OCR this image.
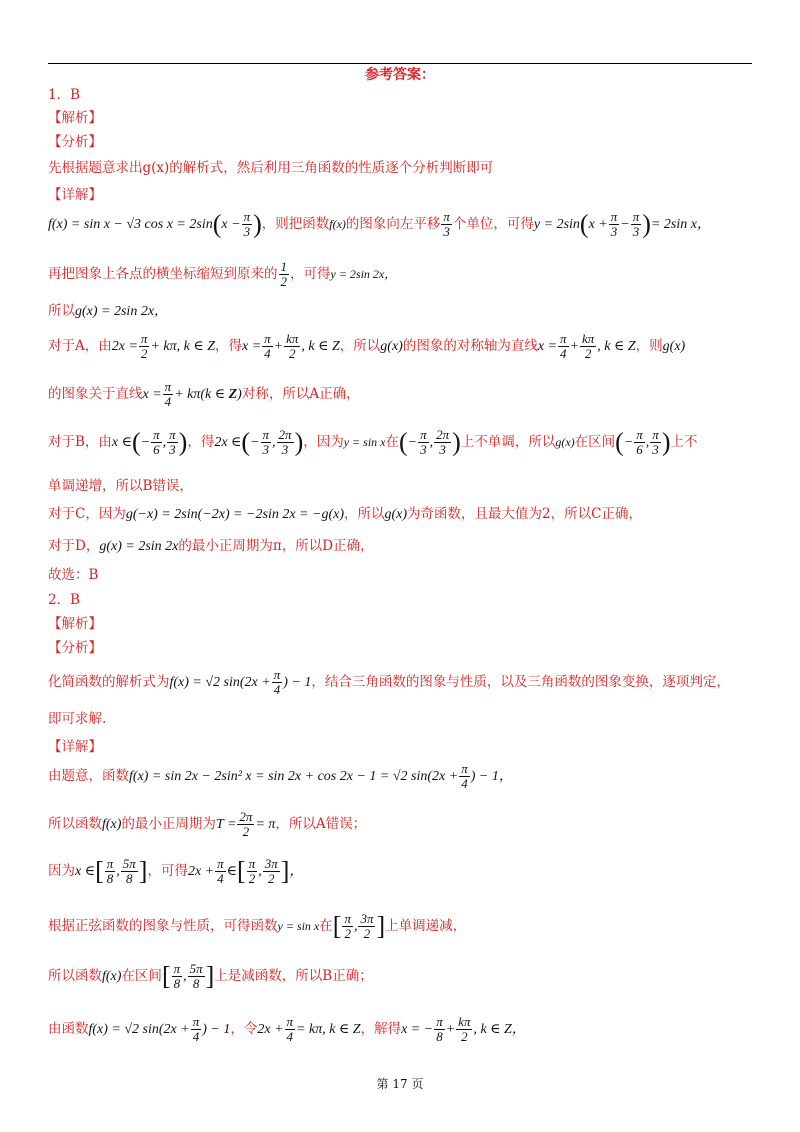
参考答案：
1．B
【解析】
【分析】
先根据题意求出g(x)的解析式，然后利用三角函数的性质逐个分析判断即可
【详解】
f(x) = sin x − √3 $\cos x = 2\sin(x - \frac{\pi}{3}$ )，则把函数f(x)的图象向左平移 $\frac{\pi}{3}$ 个单位，可得$y = 2\sin(x + \frac{\pi}{3} - \frac{\pi}{3}$ )= 2sin x，
再把图象上各点的横坐标缩短到原来的 $\frac{1}{2}$ ，可得y = 2sin 2x，
所以g(x) = 2sin 2x，
对于A，由$2x = \frac{\pi}{2} + k\pi$, k ∈ Z，得$x = \frac{\pi}{4} + \frac{k\pi}{2}$ , k ∈ Z，所以g(x)的图象的对称轴为直线$x = \frac{\pi}{4} + \frac{k\pi}{2}$ , k ∈ Z，则g(x)
的图象关于直线$x = \frac{\pi}{4} + k\pi(k$ ∈ Z)对称，所以A正确，
对于B，由x ∈(− $\frac{\pi}{6}$ , $\frac{\pi}{3}$ )，得2x ∈(− $\frac{\pi}{3}$ , $\frac{2\pi}{3}$ )，因为y = sin x在(− $\frac{\pi}{3}$ , $\frac{2\pi}{3}$ )上不单调，所以g(x)在区间(− $\frac{\pi}{6}$ , $\frac{\pi}{3}$ )上不
单调递增，所以B错误，
对于C，因为g(−x) = 2sin(−2x) = −2sin 2x = −g(x)，所以g(x)为奇函数，且最大值为2，所以C正确，
对于D，g(x) = 2sin 2x的最小正周期为π，所以D正确，
故选：B
2．B
【解析】
【分析】
化简函数的解析式为f(x) = √2 $\sin(2x + \frac{\pi}{4}$ ) − 1，结合三角函数的图象与性质，以及三角函数的图象变换，逐项判定，
即可求解.
【详解】
由题意，函数f(x) = sin 2x − 2sin² x = sin 2x + cos 2x − 1 = √2 $\sin(2x + \frac{\pi}{4}$ ) − 1，
所以函数f(x)的最小正周期为$T = \frac{2\pi}{2} = \pi$，所以A错误；
因为x ∈[ $\frac{\pi}{8}$ , $\frac{5\pi}{8}$ ]，可得$2x + \frac{\pi}{4}$ ∈[ $\frac{\pi}{2}$ , $\frac{3\pi}{2}$ ]，
根据正弦函数的图象与性质，可得函数y = sin x在[ $\frac{\pi}{2}$ , $\frac{3\pi}{2}$ ]上单调递减，
所以函数f(x)在区间[ $\frac{\pi}{8}$ , $\frac{5\pi}{8}$ ]上是减函数，所以B正确；
由函数f(x) = √2 $\sin(2x + \frac{\pi}{4}$ ) − 1，令$2x + \frac{\pi}{4} = k\pi$, k ∈ Z，解得x = − $\frac{\pi}{8} + \frac{k\pi}{2}$ , k ∈ Z，
第 17 页
